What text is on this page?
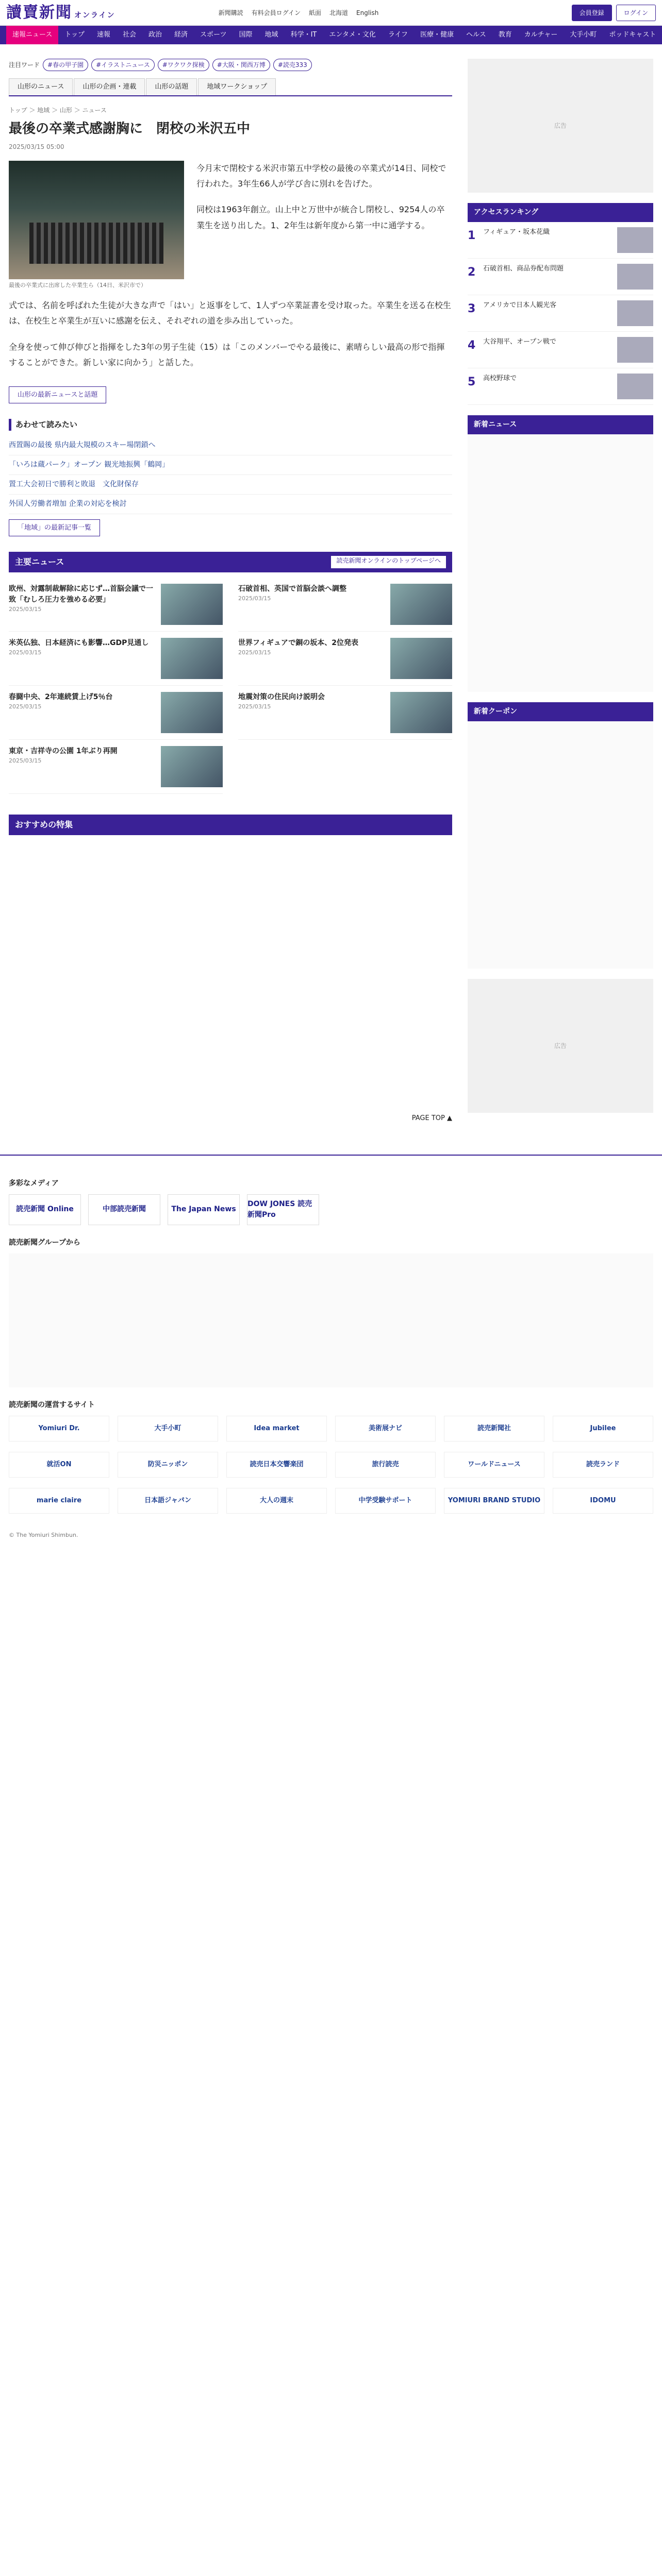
讀賣新聞 オンライン	新聞購読 有料会員ログイン 紙面 北海道 English	会員登録	ログイン
速報ニュース	トップ	速報	社会	政治	経済	スポーツ	国際	地域	科学・IT	エンタメ・文化	ライフ	医療・健康	ヘルス	教育	カルチャー	大手小町	ポッドキャスト
注目ワード	#春の甲子園	#イラストニュース	#ワクワク探検	#大阪・関西万博	#読売333
山形のニュース	山形の企画・連載	山形の話題	地域ワークショップ
トップ ＞ 地域 ＞ 山形 ＞ ニュース
最後の卒業式感謝胸に　閉校の米沢五中
2025/03/15 05:00
最後の卒業式に出席した卒業生ら（14日、米沢市で）

今月末で閉校する米沢市第五中学校の最後の卒業式が14日、同校で行われた。3年生66人が学び舎に別れを告げた。

同校は1963年創立。山上中と万世中が統合し閉校し、9254人の卒業生を送り出した。1、2年生は新年度から第一中に通学する。

式では、名前を呼ばれた生徒が大きな声で「はい」と返事をして、1人ずつ卒業証書を受け取った。卒業生を送る在校生は、在校生と卒業生が互いに感謝を伝え、それぞれの道を歩み出していった。

全身を使って伸び伸びと指揮をした3年の男子生徒（15）は「このメンバーでやる最後に、素晴らしい最高の形で指揮することができた。新しい家に向かう」と話した。

山形の最新ニュースと話題
あわせて読みたい
西置賜の最後 県内最大規模のスキー場閉鎖へ
「いろは蔵パーク」オープン 観光地振興「鶴岡」
置工大会初日で勝利と敗退　文化財保存
外国人労働者増加 企業の対応を検討
「地域」の最新記事一覧
主要ニュース	読売新聞オンラインのトップページへ
欧州、対露制裁解除に応じず…首脳会議で一致「むしろ圧力を強める必要」
2025/03/15
石破首相、英国で首脳会談へ調整
2025/03/15
米英仏独、日本経済にも影響…GDP見通し
2025/03/15
世界フィギュアで銅の坂本、2位発表
2025/03/15
春闘中央、2年連続賃上げ5％台
2025/03/15
地震対策の住民向け説明会
2025/03/15
東京・吉祥寺の公園 1年ぶり再開
2025/03/15
おすすめの特集
PAGE TOP ▲
広告
アクセスランキング
1	フィギュア・坂本花織
2	石破首相、商品券配布問題
3	アメリカで日本人観光客
4	大谷翔平、オープン戦で
5	高校野球で
新着ニュース
新着クーポン
広告
多彩なメディア
読売新聞 Online	中部読売新聞	The Japan News
DOW JONES 読売新聞Pro
読売新聞グループから
読売新聞の運営するサイト
Yomiuri Dr.	大手小町	Idea market	美術展ナビ	読売新聞社	Jubilee
就活ON	防災ニッポン	読売日本交響楽団	旅行読売	ワールドニュース	読売ランド
marie claire	日本語ジャパン	大人の週末	中学受験サポート	YOMIURI BRAND STUDIO	IDOMU
© The Yomiuri Shimbun.
